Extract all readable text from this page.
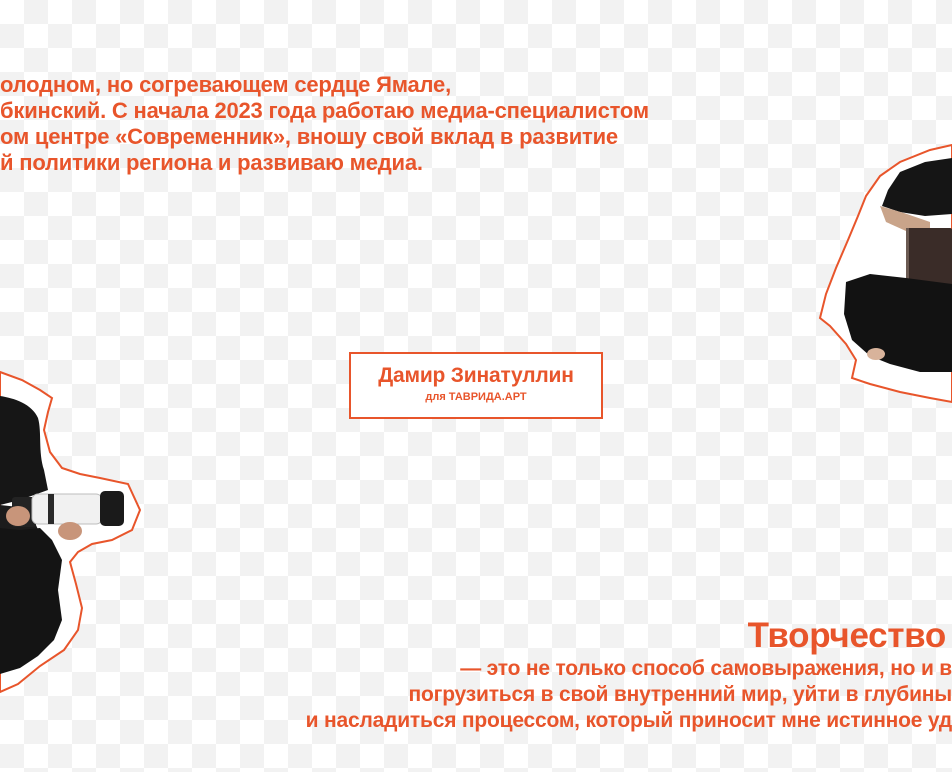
олодном, но согревающем сердце Ямале,
бкинский. С начала 2023 года работаю медиа-специалистом
ом центре «Современник», вношу свой вклад в развитие
й политики региона и развиваю медиа.
Дамир Зинатуллин
для ТАВРИДА.АРТ
Творчество
— это не только способ самовыражения, но и в
погрузиться в свой внутренний мир, уйти в глубины
и насладиться процессом, который приносит мне истинное уд
